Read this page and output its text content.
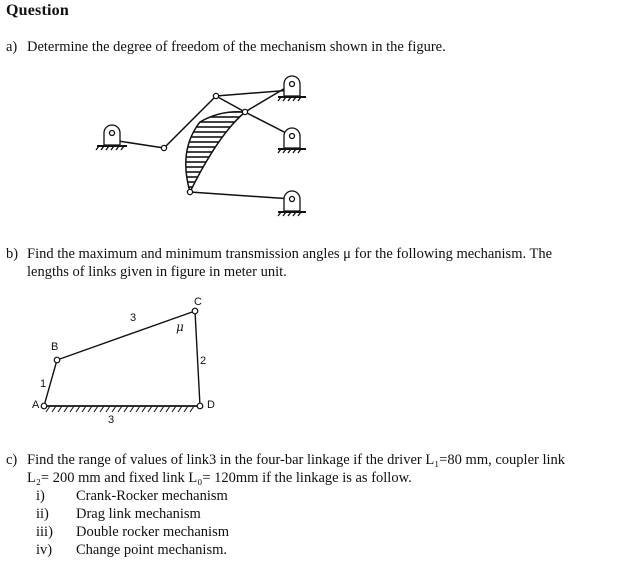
Question
a) Determine the degree of freedom of the mechanism shown in the figure.
b) Find the maximum and minimum transmission angles μ for the following mechanism. The
lengths of links given in figure in meter unit.
A
B
C
D
1
3
2
3
μ
c) Find the range of values of link3 in the four-bar linkage if the driver L₁=80 mm, coupler link
L₂= 200 mm and fixed link L₀= 120mm if the linkage is as follow.
i) Crank-Rocker mechanism
ii) Drag link mechanism
iii) Double rocker mechanism
iv) Change point mechanism.
